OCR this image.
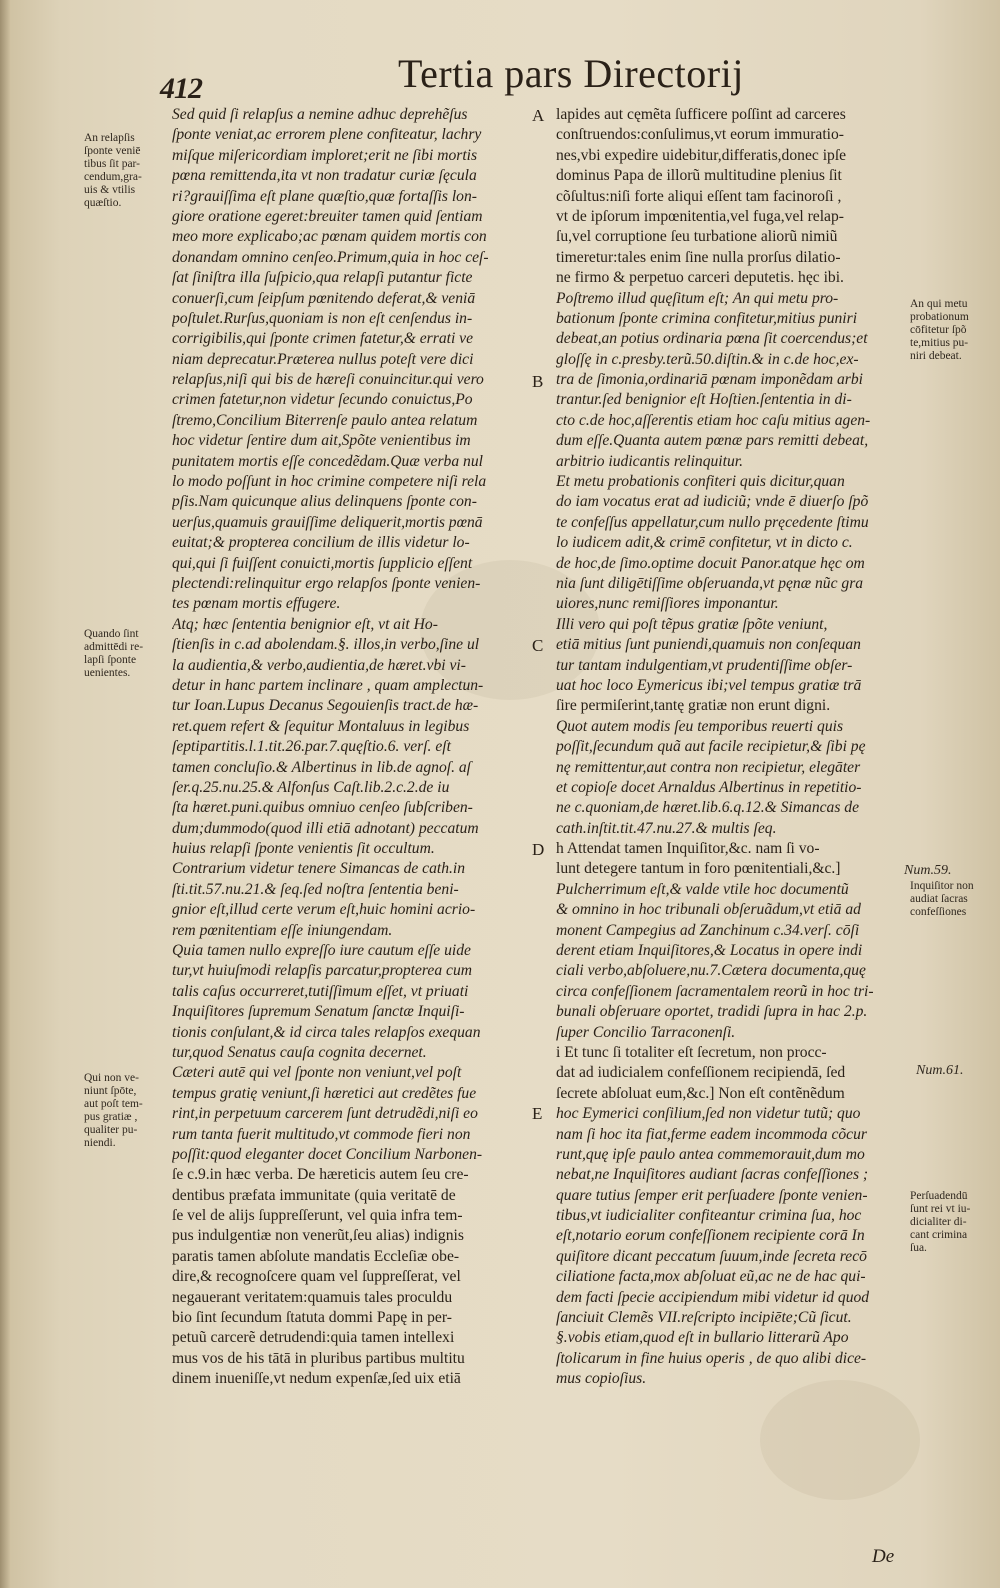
412	Tertia pars Directorij
Sed quid ſi relapſus a nemine adhuc deprehẽſus
ſponte veniat,ac errorem plene confiteatur, lachry
miſque miſericordiam imploret;erit ne ſibi mortis
pœna remittenda,ita vt non tradatur curiæ ſęcula
ri?grauiſſima eſt plane quæſtio,quæ fortaſſis lon-
giore oratione egeret:breuiter tamen quid ſentiam
meo more explicabo;ac pœnam quidem mortis con
donandam omnino cenſeo.Primum,quia in hoc ceſ-
ſat ſiniſtra illa ſuſpicio,qua relapſi putantur ficte
conuerſi,cum ſeipſum pœnitendo deferat,& veniā
poſtulet.Rurſus,quoniam is non eſt cenſendus in-
corrigibilis,qui ſponte crimen fatetur,& errati ve
niam deprecatur.Præterea nullus poteſt vere dici
relapſus,niſi qui bis de hæreſi conuincitur.qui vero
crimen fatetur,non videtur ſecundo conuictus,Po
ſtremo,Concilium Biterrenſe paulo antea relatum
hoc videtur ſentire dum ait,Spõte venientibus im
punitatem mortis eſſe concedẽdam.Quæ verba nul
lo modo poſſunt in hoc crimine competere niſi rela
pſis.Nam quicunque alius delinquens ſponte con-
uerſus,quamuis grauiſſime deliquerit,mortis pœnā
euitat;& propterea concilium de illis videtur lo-
qui,qui ſi fuiſſent conuicti,mortis ſupplicio eſſent
plectendi:relinquitur ergo relapſos ſponte venien-
tes pœnam mortis effugere.
Atq; hæc ſententia benignior eſt, vt ait Ho-
ſtienſis in c.ad abolendam.§. illos,in verbo,ſine ul
la audientia,& verbo,audientia,de hæret.vbi vi-
detur in hanc partem inclinare , quam amplectun-
tur Ioan.Lupus Decanus Segouienſis tract.de hæ-
ret.quem refert & ſequitur Montaluus in legibus
ſeptipartitis.l.1.tit.26.par.7.quęſtio.6. verſ. eſt
tamen concluſio.& Albertinus in lib.de agnoſ. aſ
ſer.q.25.nu.25.& Alfonſus Caſt.lib.2.c.2.de iu
ſta hæret.puni.quibus omniuo cenſeo ſubſcriben-
dum;dummodo(quod illi etiā adnotant) peccatum
huius relapſi ſponte venientis ſit occultum.
Contrarium videtur tenere Simancas de cath.in
ſti.tit.57.nu.21.& ſeq.ſed noſtra ſententia beni-
gnior eſt,illud certe verum eſt,huic homini acrio-
rem pœnitentiam eſſe iniungendam.
Quia tamen nullo expreſſo iure cautum eſſe uide
tur,vt huiuſmodi relapſis parcatur,propterea cum
talis caſus occurreret,tutiſſimum eſſet, vt priuati
Inquiſitores ſupremum Senatum ſanctæ Inquiſi-
tionis conſulant,& id circa tales relapſos exequan
tur,quod Senatus cauſa cognita decernet.
Cæteri autē qui vel ſponte non veniunt,vel poſt
tempus gratię veniunt,ſi hæretici aut credẽtes fue
rint,in perpetuum carcerem ſunt detrudẽdi,niſi eo
rum tanta fuerit multitudo,vt commode fieri non
poſſit:quod eleganter docet Concilium Narbonen-
ſe c.9.in hæc verba. De hæreticis autem ſeu cre-
dentibus præfata immunitate (quia veritatē de
ſe vel de alijs ſuppreſſerunt, vel quia infra tem-
pus indulgentiæ non venerũt,ſeu alias) indignis
paratis tamen abſolute mandatis Eccleſiæ obe-
dire,& recognoſcere quam vel ſuppreſſerat, vel
negauerant veritatem:quamuis tales proculdu
bio ſint ſecundum ſtatuta dommi Papę in per-
petuũ carcerẽ detrudendi:quia tamen intellexi
mus vos de his tātā in pluribus partibus multitu
dinem inueniſſe,vt nedum expenſæ,ſed uix etiā
lapides aut cęmẽta ſufficere poſſint ad carceres
conſtruendos:conſulimus,vt eorum immuratio-
nes,vbi expedire uidebitur,differatis,donec ipſe
dominus Papa de illorũ multitudine plenius ſit
cõſultus:niſi forte aliqui eſſent tam facinoroſi ,
vt de ipſorum impœnitentia,vel fuga,vel relap-
ſu,vel corruptione ſeu turbatione aliorũ nimiũ
timeretur:tales enim ſine nulla prorſus dilatio-
ne firmo & perpetuo carceri deputetis. hęc ibi.
Poſtremo illud quęſitum eſt; An qui metu pro-
bationum ſponte crimina confitetur,mitius puniri
debeat,an potius ordinaria pœna ſit coercendus;et
gloſſę in c.presby.terũ.50.diſtin.& in c.de hoc,ex-
tra de ſimonia,ordinariā pœnam imponẽdam arbi
trantur.ſed benignior eſt Hoſtien.ſententia in di-
cto c.de hoc,aſſerentis etiam hoc caſu mitius agen-
dum eſſe.Quanta autem pœnæ pars remitti debeat,
arbitrio iudicantis relinquitur.
Et metu probationis confiteri quis dicitur,quan
do iam vocatus erat ad iudiciũ; vnde ē diuerſo ſpõ
te confeſſus appellatur,cum nullo pręcedente ſtimu
lo iudicem adit,& crimē confitetur, vt in dicto c.
de hoc,de ſimo.optime docuit Panor.atque hęc om
nia ſunt diligētiſſime obſeruanda,vt pęnæ nũc gra
uiores,nunc remiſſiores imponantur.
Illi vero qui poſt tẽpus gratiæ ſpõte veniunt,
etiā mitius ſunt puniendi,quamuis non conſequan
tur tantam indulgentiam,vt prudentiſſime obſer-
uat hoc loco Eymericus ibi;vel tempus gratiæ trā
ſire permiſerint,tantę gratiæ non erunt digni.
Quot autem modis ſeu temporibus reuerti quis
poſſit,ſecundum quã aut facile recipietur,& ſibi pę
nę remittentur,aut contra non recipietur, elegāter
et copioſe docet Arnaldus Albertinus in repetitio-
ne c.quoniam,de hæret.lib.6.q.12.& Simancas de
cath.inſtit.tit.47.nu.27.& multis ſeq.
h Attendat tamen Inquiſitor,&c. nam ſi vo-
lunt detegere tantum in foro pœnitentiali,&c.]
Pulcherrimum eſt,& valde vtile hoc documentũ
& omnino in hoc tribunali obſeruãdum,vt etiā ad
monent Campegius ad Zanchinum c.34.verſ. cōſi
derent etiam Inquiſitores,& Locatus in opere indi
ciali verbo,abſoluere,nu.7.Cætera documenta,quę
circa confeſſionem ſacramentalem reorũ in hoc tri-
bunali obſeruare oportet, tradidi ſupra in hac 2.p.
ſuper Concilio Tarraconenſi.
i Et tunc ſi totaliter eſt ſecretum, non procc-
dat ad iudicialem confeſſionem recipiendā, ſed
ſecrete abſoluat eum,&c.] Non eſt contẽnẽdum
hoc Eymerici conſilium,ſed non videtur tutũ; quo
nam ſi hoc ita fiat,ferme eadem incommoda cõcur
runt,quę ipſe paulo antea commemorauit,dum mo
nebat,ne Inquiſitores audiant ſacras confeſſiones ;
quare tutius ſemper erit perſuadere ſponte venien-
tibus,vt iudicialiter confiteantur crimina ſua, hoc
eſt,notario eorum confeſſionem recipiente corā In
quiſitore dicant peccatum ſuuum,inde ſecreta recō
ciliatione facta,mox abſoluat eũ,ac ne de hac qui-
dem facti ſpecie accipiendum mibi videtur id quod
ſanciuit Clemẽs VII.reſcripto incipiēte;Cũ ſicut.
§.vobis etiam,quod eſt in bullario litterarũ Apo
ſtolicarum in fine huius operis , de quo alibi dice-
mus copioſius.
A
B
C
D
E
An relapſis
ſponte veniē
tibus ſit par-
cendum,gra-
uis & vtilis
quæſtio.
Quando ſint
admittēdi re-
lapſi ſponte
uenientes.
Qui non ve-
niunt ſpōte,
aut poſt tem-
pus gratiæ ,
qualiter pu-
niendi.
An qui metu
probationum
cōfitetur ſpõ
te,mitius pu-
niri debeat.
Num.59.
Inquiſitor non
audiat ſacras
confeſſiones
Num.61.
Perſuadendū
ſunt rei vt iu-
dicialiter di-
cant crimina
ſua.
De
